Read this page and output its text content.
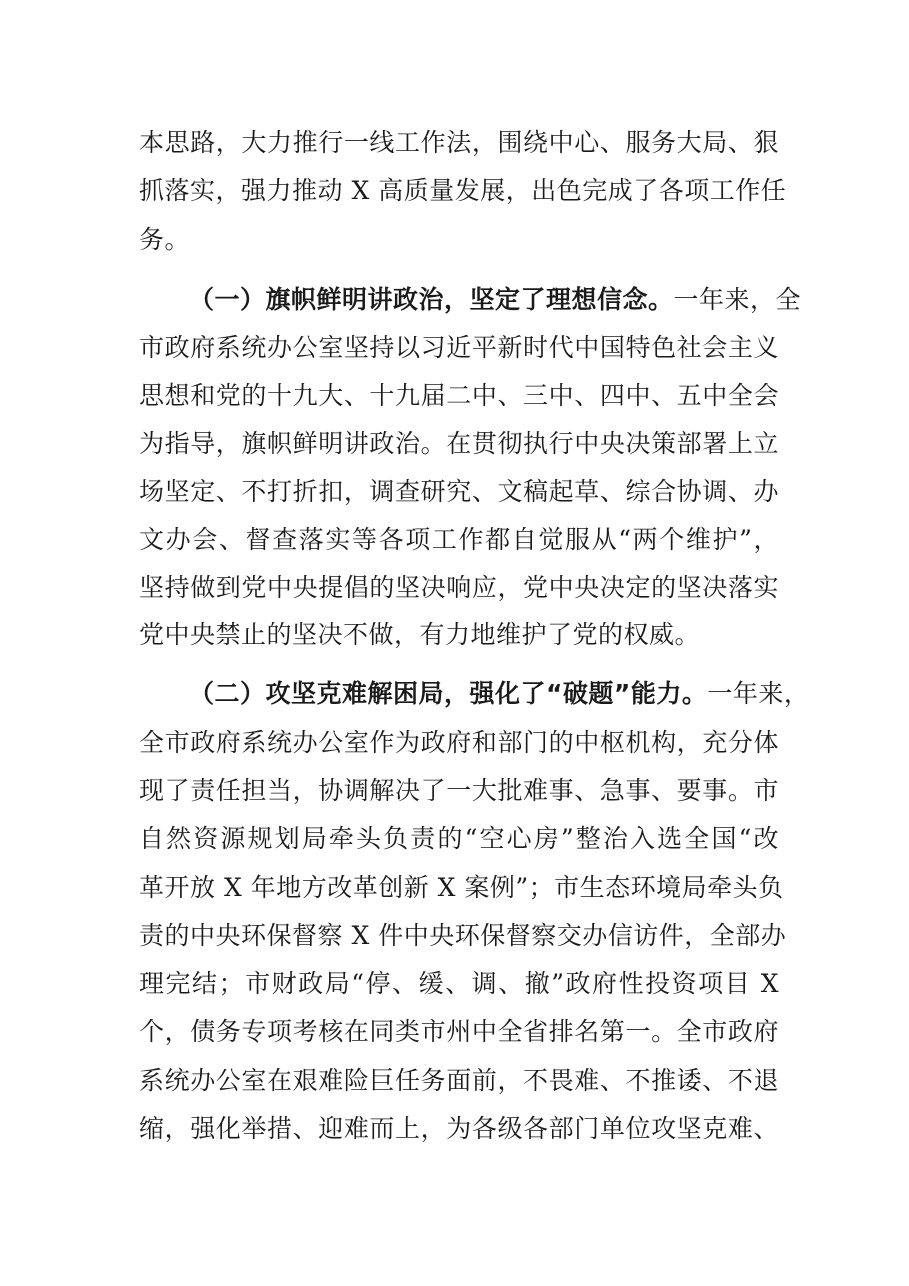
本思路，大力推行一线工作法，围绕中心、服务大局、狠
抓落实，强力推动 X 高质量发展，出色完成了各项工作任
务。
（一）旗帜鲜明讲政治，坚定了理想信念。一年来，全
市政府系统办公室坚持以习近平新时代中国特色社会主义
思想和党的十九大、十九届二中、三中、四中、五中全会
为指导，旗帜鲜明讲政治。在贯彻执行中央决策部署上立
场坚定、不打折扣，调查研究、文稿起草、综合协调、办
文办会、督查落实等各项工作都自觉服从“两个维护”，
坚持做到党中央提倡的坚决响应，党中央决定的坚决落实
党中央禁止的坚决不做，有力地维护了党的权威。
（二）攻坚克难解困局，强化了“破题”能力。一年来，
全市政府系统办公室作为政府和部门的中枢机构，充分体
现了责任担当，协调解决了一大批难事、急事、要事。市
自然资源规划局牵头负责的“空心房”整治入选全国“改
革开放 X 年地方改革创新 X 案例”；市生态环境局牵头负
责的中央环保督察 X 件中央环保督察交办信访件，全部办
理完结；市财政局“停、缓、调、撤”政府性投资项目 X
个，债务专项考核在同类市州中全省排名第一。全市政府
系统办公室在艰难险巨任务面前，不畏难、不推诿、不退
缩，强化举措、迎难而上，为各级各部门单位攻坚克难、
